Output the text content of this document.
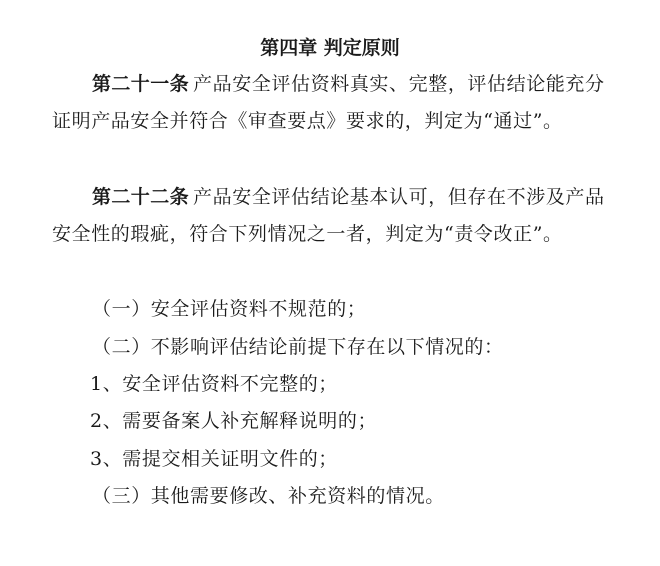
第四章 判定原则

第二十一条 产品安全评估资料真实、完整，评估结论能充分证明产品安全并符合《审查要点》要求的，判定为“通过”。

第二十二条 产品安全评估结论基本认可，但存在不涉及产品安全性的瑕疵，符合下列情况之一者，判定为“责令改正”。

（一）安全评估资料不规范的；

（二）不影响评估结论前提下存在以下情况的：

1、安全评估资料不完整的；

2、需要备案人补充解释说明的；

3、需提交相关证明文件的；

（三）其他需要修改、补充资料的情况。
